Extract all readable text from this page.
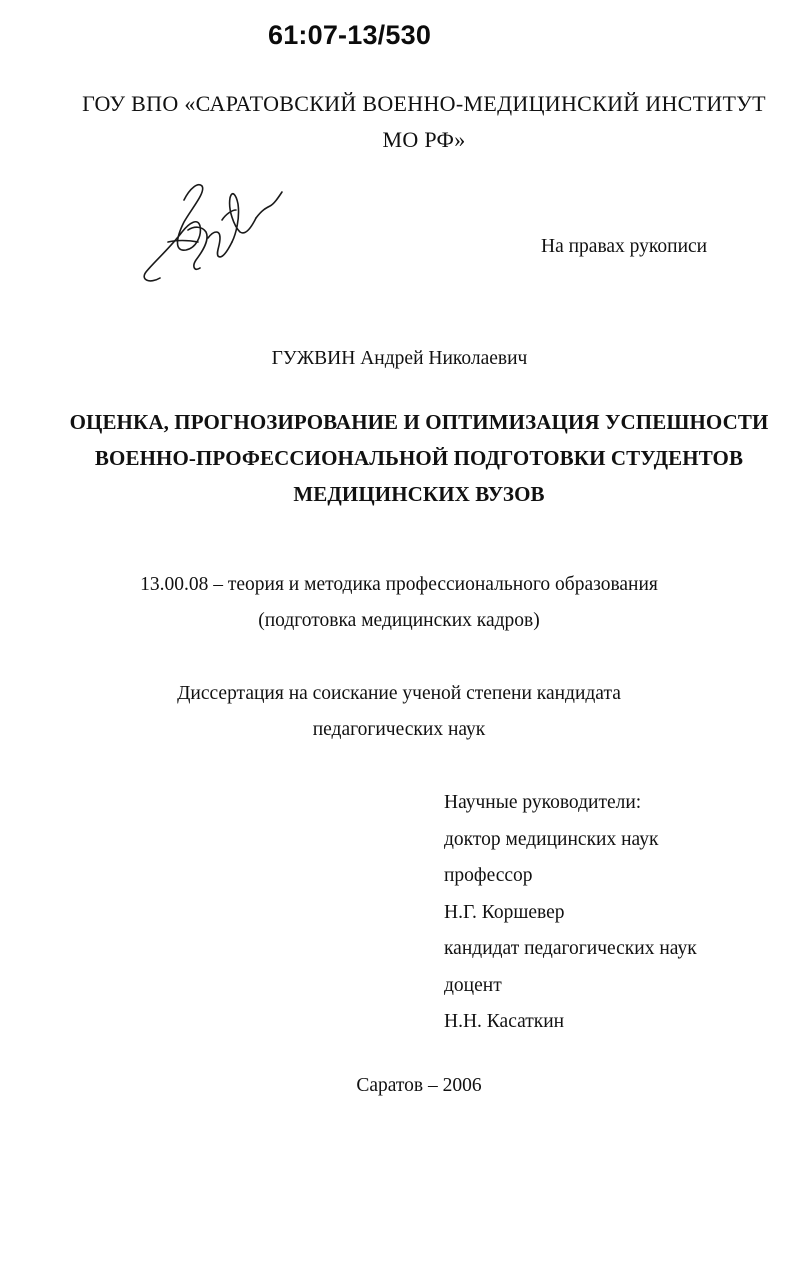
61:07-13/530
ГОУ ВПО «САРАТОВСКИЙ ВОЕННО-МЕДИЦИНСКИЙ ИНСТИТУТ
МО РФ»
На правах рукописи
ГУЖВИН Андрей Николаевич
ОЦЕНКА, ПРОГНОЗИРОВАНИЕ И ОПТИМИЗАЦИЯ УСПЕШНОСТИ
ВОЕННО-ПРОФЕССИОНАЛЬНОЙ ПОДГОТОВКИ СТУДЕНТОВ
МЕДИЦИНСКИХ ВУЗОВ
13.00.08 – теория и методика профессионального образования
(подготовка медицинских кадров)
Диссертация на соискание ученой степени кандидата
педагогических наук

Научные руководители:

доктор медицинских наук

профессор

Н.Г. Коршевер

кандидат педагогических наук

доцент

Н.Н. Касаткин

Саратов – 2006
